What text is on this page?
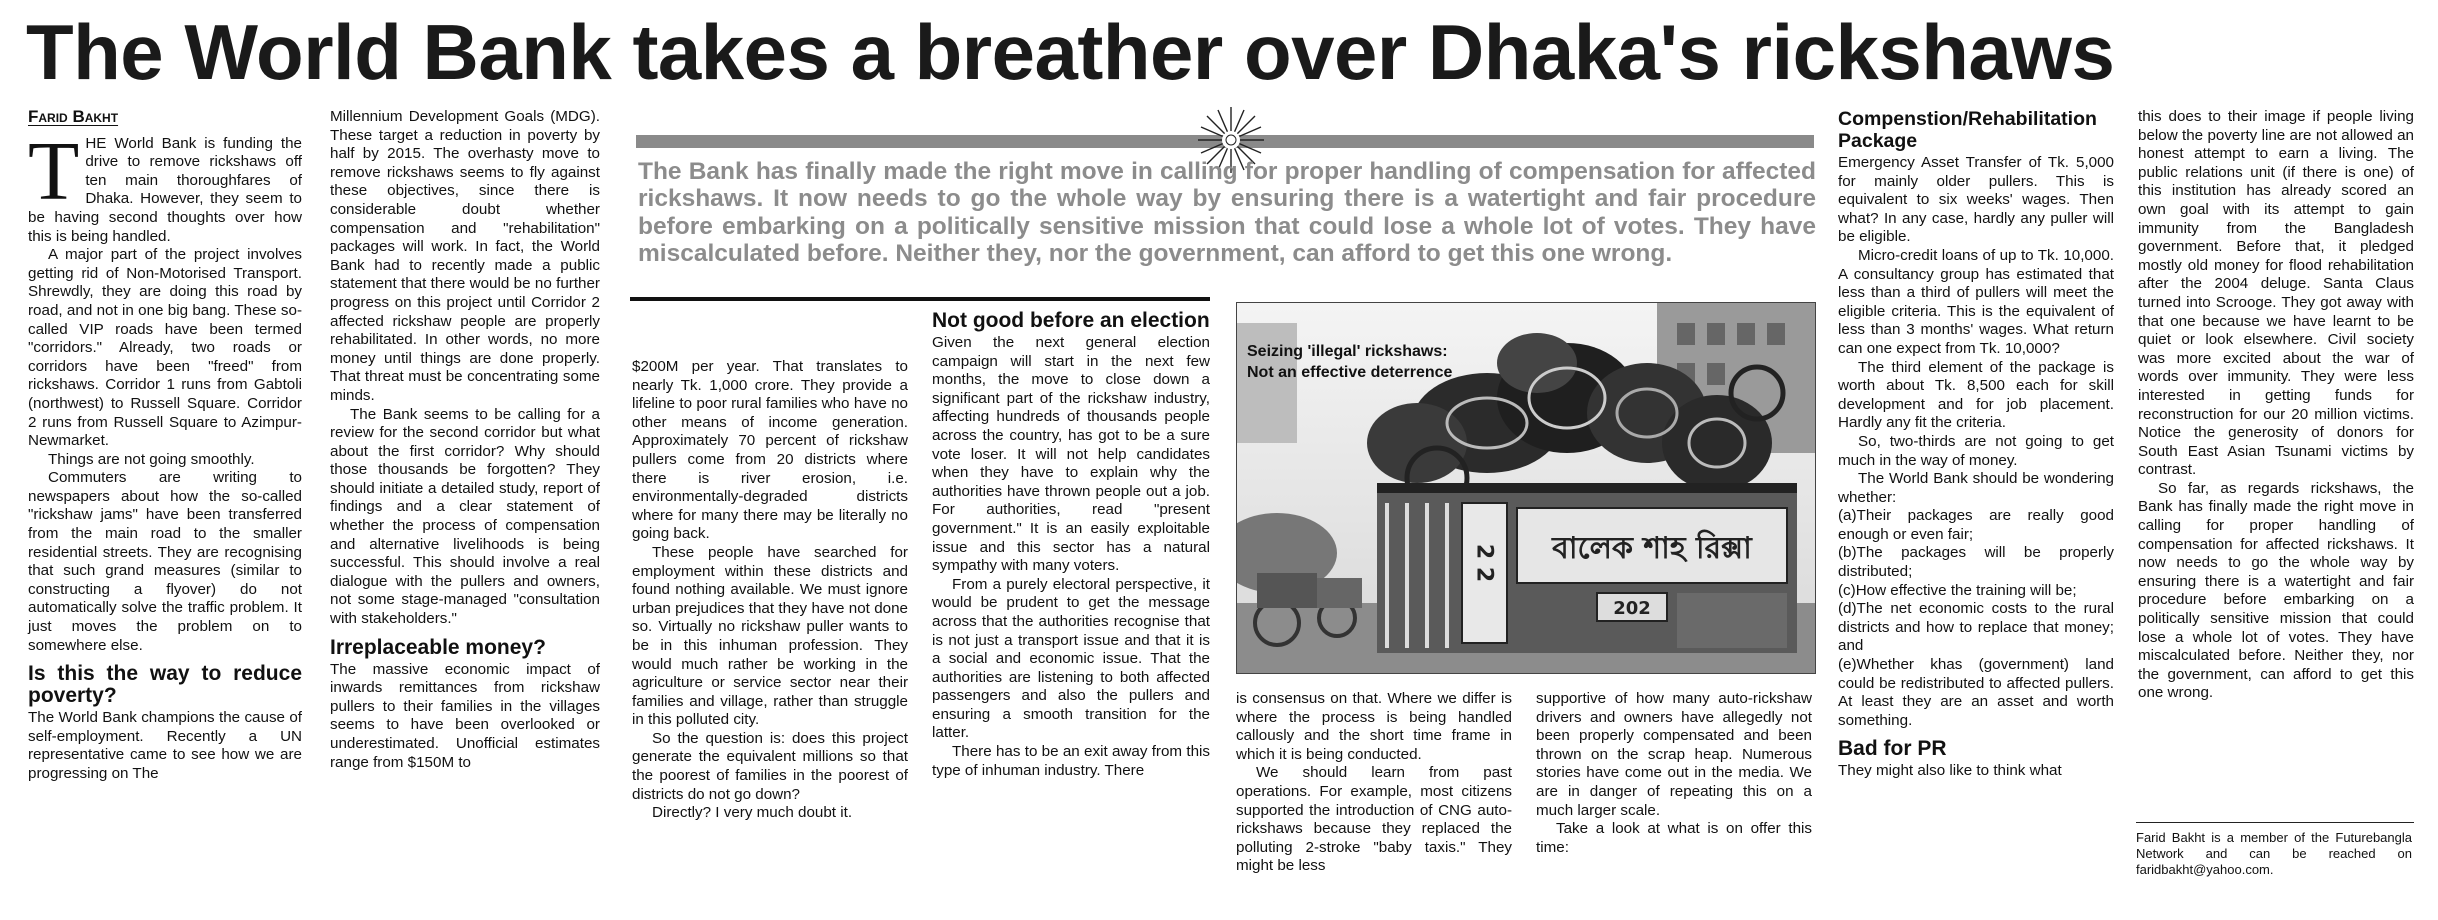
The World Bank takes a breather over Dhaka's rickshaws
Farid Bakht

THE World Bank is funding the drive to remove rickshaws off ten main thoroughfares of Dhaka. However, they seem to be having second thoughts over how this is being handled.

A major part of the project involves getting rid of Non-Motorised Transport. Shrewdly, they are doing this road by road, and not in one big bang. These so-called VIP roads have been termed "corridors." Already, two roads or corridors have been "freed" from rickshaws. Corridor 1 runs from Gabtoli (northwest) to Russell Square. Corridor 2 runs from Russell Square to Azimpur-Newmarket.

Things are not going smoothly.

Commuters are writing to newspapers about how the so-called "rickshaw jams" have been transferred from the main road to the smaller residential streets. They are recognising that such grand measures (similar to constructing a flyover) do not automatically solve the traffic problem. It just moves the problem on to somewhere else.

Is this the way to reduce poverty?

The World Bank champions the cause of self-employment. Recently a UN representative came to see how we are progressing on The

Millennium Development Goals (MDG). These target a reduction in poverty by half by 2015. The overhasty move to remove rickshaws seems to fly against these objectives, since there is considerable doubt whether compensation and "rehabilitation" packages will work. In fact, the World Bank had to recently made a public statement that there would be no further progress on this project until Corridor 2 affected rickshaw people are properly rehabilitated. In other words, no more money until things are done properly. That threat must be concentrating some minds.

The Bank seems to be calling for a review for the second corridor but what about the first corridor? Why should those thousands be forgotten? They should initiate a detailed study, report of findings and a clear statement of whether the process of compensation and alternative livelihoods is being successful. This should involve a real dialogue with the pullers and owners, not some stage-managed "consultation with stakeholders."

Irreplaceable money?

The massive economic impact of inwards remittances from rickshaw pullers to their families in the villages seems to have been overlooked or underestimated. Unofficial estimates range from $150M to

The Bank has finally made the right move in calling for proper handling of compensation for affected rickshaws. It now needs to go the whole way by ensuring there is a watertight and fair procedure before embarking on a politically sensitive mission that could lose a whole lot of votes. They have miscalculated before. Neither they, nor the government, can afford to get this one wrong.

$200M per year. That translates to nearly Tk. 1,000 crore. They provide a lifeline to poor rural families who have no other means of income generation. Approximately 70 percent of rickshaw pullers come from 20 districts where there is river erosion, i.e. environmentally-degraded districts where for many there may be literally no going back.

These people have searched for employment within these districts and found nothing available. We must ignore urban prejudices that they have not done so. Virtually no rickshaw puller wants to be in this inhuman profession. They would much rather be working in the agriculture or service sector near their families and village, rather than struggle in this polluted city.

So the question is: does this project generate the equivalent millions so that the poorest of families in the poorest of districts do not go down?

Directly? I very much doubt it.

Not good before an election

Given the next general election campaign will start in the next few months, the move to close down a significant part of the rickshaw industry, affecting hundreds of thousands people across the country, has got to be a sure vote loser. It will not help candidates when they have to explain why the authorities have thrown people out a job. For authorities, read "present government." It is an easily exploitable issue and this sector has a natural sympathy with many voters.

From a purely electoral perspective, it would be prudent to get the message across that the authorities recognise that is not just a transport issue and that it is a social and economic issue. That the authorities are listening to both affected passengers and also the pullers and ensuring a smooth transition for the latter.

There has to be an exit away from this type of inhuman industry. There

2 2 বালেক শাহ রিক্সা
202
Seizing 'illegal' rickshaws: Not an effective deterrence

is consensus on that. Where we differ is where the process is being handled callously and the short time frame in which it is being conducted.

We should learn from past operations. For example, most citizens supported the introduction of CNG auto-rickshaws because they replaced the polluting 2-stroke "baby taxis." They might be less

supportive of how many auto-rickshaw drivers and owners have allegedly not been properly compensated and been thrown on the scrap heap. Numerous stories have come out in the media. We are in danger of repeating this on a much larger scale.

Take a look at what is on offer this time:

Compenstion/Rehabilitation Package

Emergency Asset Transfer of Tk. 5,000 for mainly older pullers. This is equivalent to six weeks' wages. Then what? In any case, hardly any puller will be eligible.

Micro-credit loans of up to Tk. 10,000. A consultancy group has estimated that less than a third of pullers will meet the eligible criteria. This is the equivalent of less than 3 months' wages. What return can one expect from Tk. 10,000?

The third element of the package is worth about Tk. 8,500 each for skill development and for job placement. Hardly any fit the criteria.

So, two-thirds are not going to get much in the way of money.

The World Bank should be wondering whether:

(a)Their packages are really good enough or even fair;

(b)The packages will be properly distributed;

(c)How effective the training will be;

(d)The net economic costs to the rural districts and how to replace that money; and

(e)Whether khas (government) land could be redistributed to affected pullers. At least they are an asset and worth something.

Bad for PR

They might also like to think what

this does to their image if people living below the poverty line are not allowed an honest attempt to earn a living. The public relations unit (if there is one) of this institution has already scored an own goal with its attempt to gain immunity from the Bangladesh government. Before that, it pledged mostly old money for flood rehabilitation after the 2004 deluge. Santa Claus turned into Scrooge. They got away with that one because we have learnt to be quiet or look elsewhere. Civil society was more excited about the war of words over immunity. They were less interested in getting funds for reconstruction for our 20 million victims. Notice the generosity of donors for South East Asian Tsunami victims by contrast.

So far, as regards rickshaws, the Bank has finally made the right move in calling for proper handling of compensation for affected rickshaws. It now needs to go the whole way by ensuring there is a watertight and fair procedure before embarking on a politically sensitive mission that could lose a whole lot of votes. They have miscalculated before. Neither they, nor the government, can afford to get this one wrong.

Farid Bakht is a member of the Futurebangla Network and can be reached on faridbakht@yahoo.com.
